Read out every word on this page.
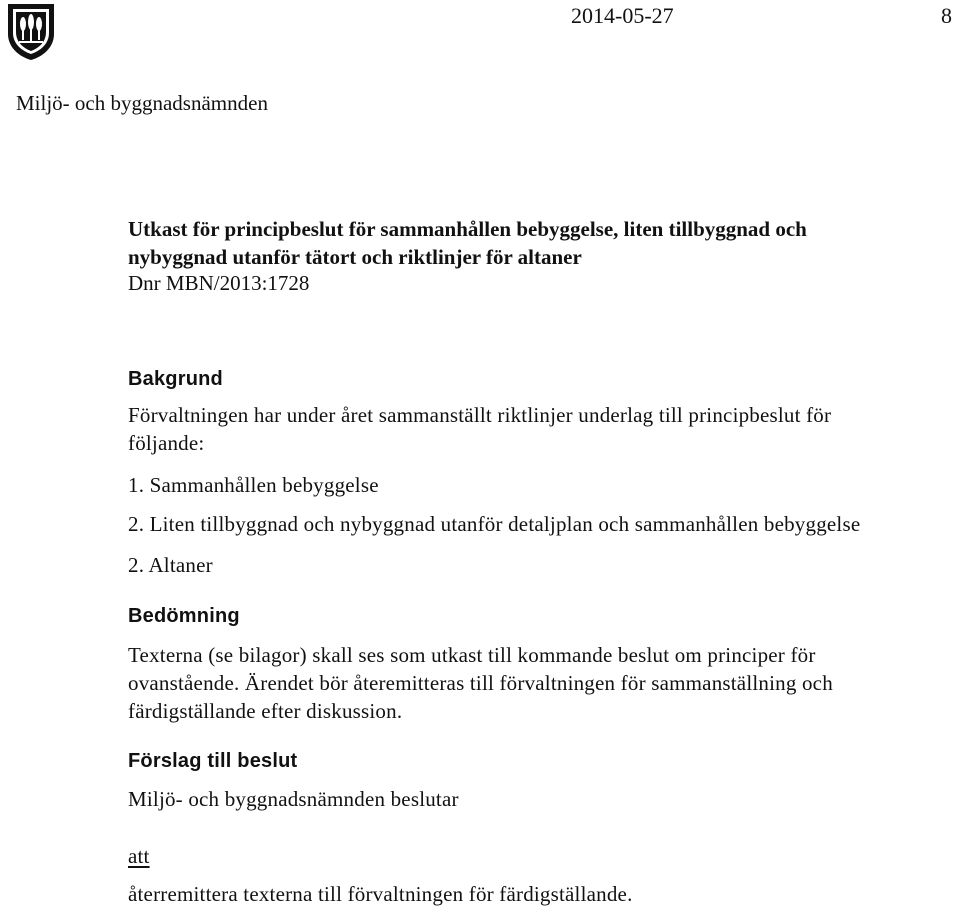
2014-05-27	8
Miljö- och byggnadsnämnden
Utkast för principbeslut för sammanhållen bebyggelse, liten tillbyggnad och
nybyggnad utanför tätort och riktlinjer för altaner
Dnr MBN/2013:1728
Bakgrund
Förvaltningen har under året sammanställt riktlinjer underlag till principbeslut för
följande:
1. Sammanhållen bebyggelse
2. Liten tillbyggnad och nybyggnad utanför detaljplan och sammanhållen bebyggelse
2. Altaner
Bedömning
Texterna (se bilagor) skall ses som utkast till kommande beslut om principer för
ovanstående. Ärendet bör återemitteras till förvaltningen för sammanställning och
färdigställande efter diskussion.
Förslag till beslut
Miljö- och byggnadsnämnden beslutar
att
återremittera texterna till förvaltningen för färdigställande.
